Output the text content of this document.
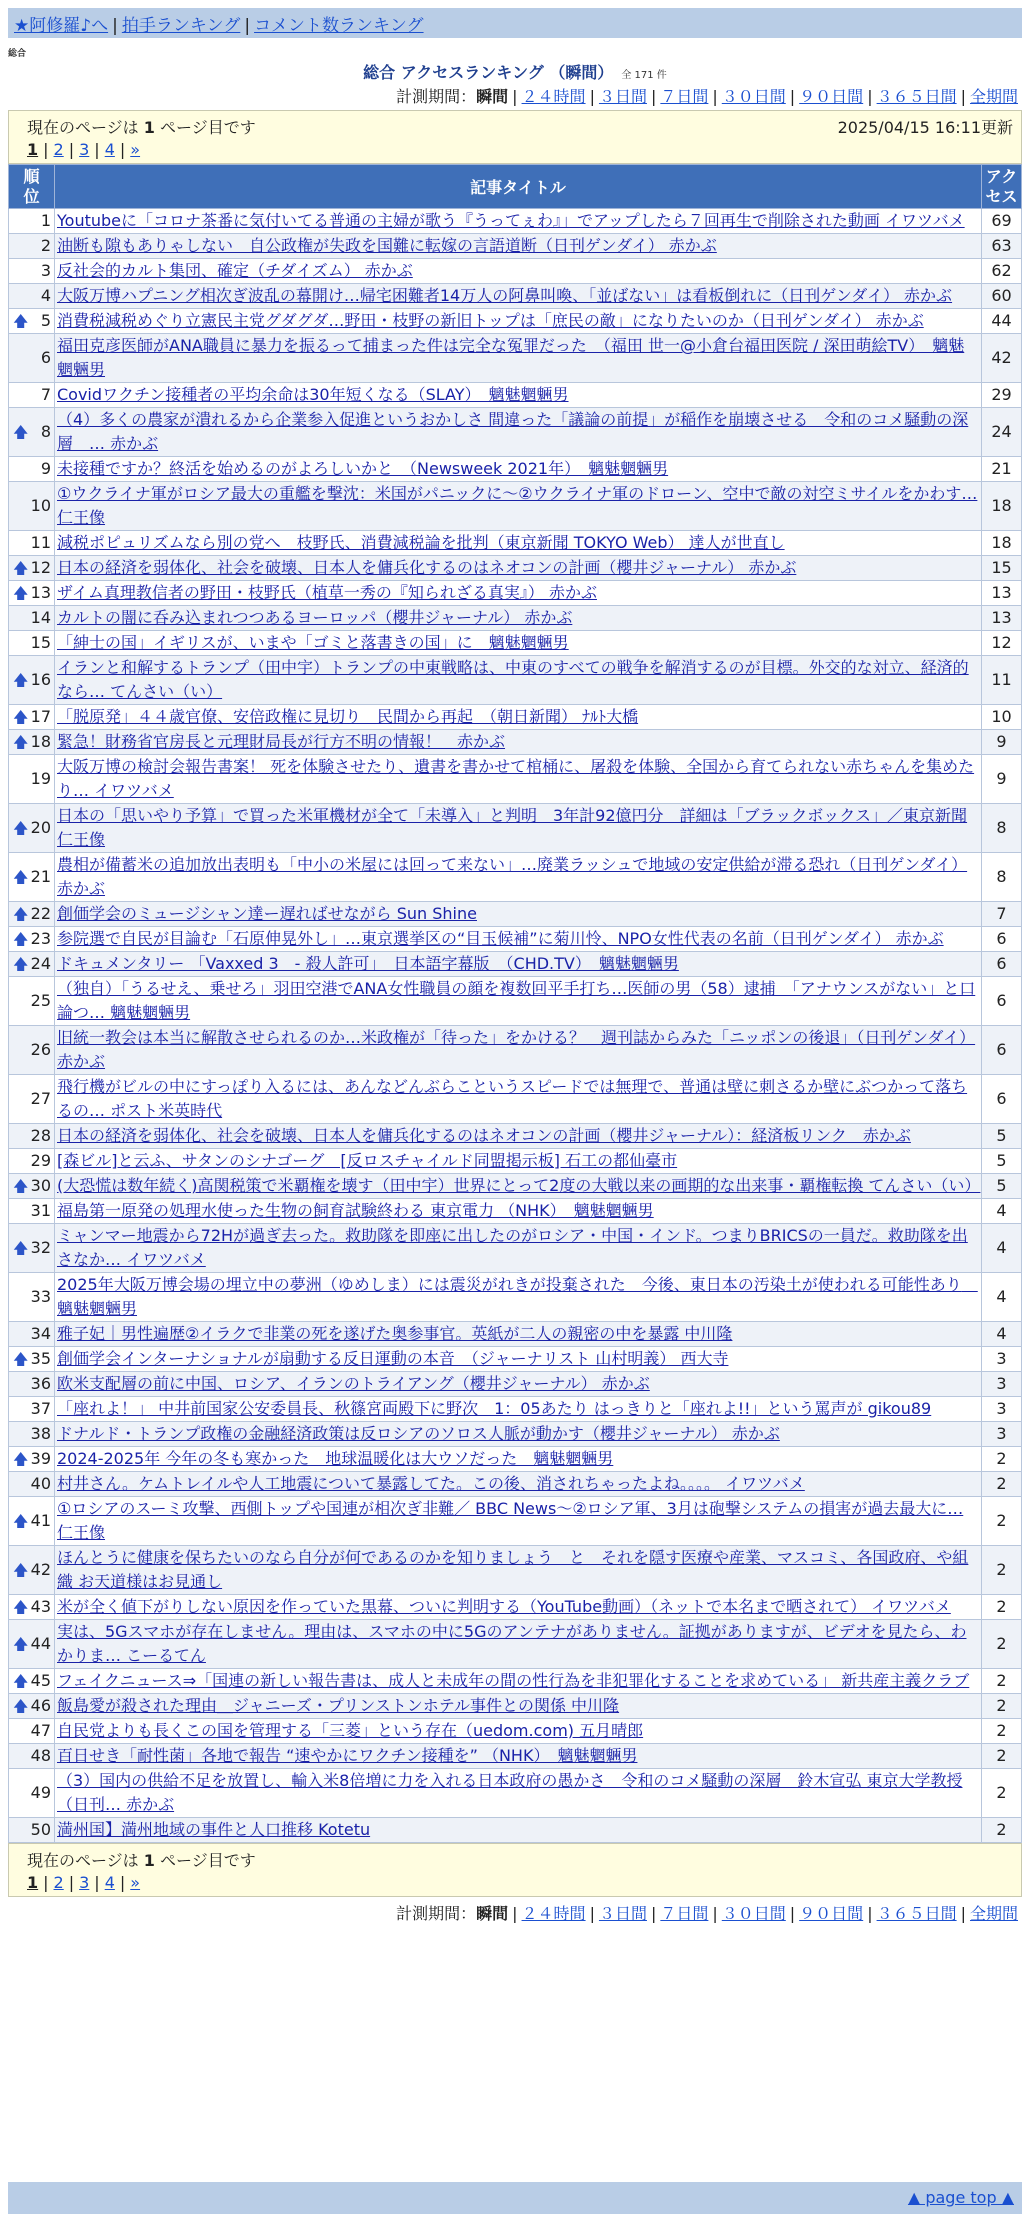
★阿修羅♪へ | 拍手ランキング | コメント数ランキング
総合
総合 アクセスランキング （瞬間） 全 171 件
計測期間：瞬間 | ２４時間 | ３日間 | ７日間 | ３０日間 | ９０日間 | ３６５日間 | 全期間
現在のページは 1 ページ目です	2025/04/15 16:11更新
1 | 2 | 3 | 4 | »
順位	記事タイトル	アクセス
1	Youtubeに「コロナ茶番に気付いてる普通の主婦が歌う『うってぇわ』」でアップしたら７回再生で削除された動画 イワツバメ	69
2	油断も隙もありゃしない　自公政権が失政を国難に転嫁の言語道断（日刊ゲンダイ） 赤かぶ	63
3	反社会的カルト集団、確定（チダイズム） 赤かぶ	62
4	大阪万博ハプニング相次ぎ波乱の幕開け…帰宅困難者14万人の阿鼻叫喚、「並ばない」は看板倒れに（日刊ゲンダイ） 赤かぶ	60

🡅 5	消費税減税めぐり立憲民主党グダグダ…野田・枝野の新旧トップは「庶民の敵」になりたいのか（日刊ゲンダイ） 赤かぶ	44
6	福田克彦医師がANA職員に暴力を振るって捕まった件は完全な冤罪だった　（福田 世一@小倉台福田医院 / 深田萌絵TV）　魑魅魍魎男	42
7	Covidワクチン接種者の平均余命は30年短くなる（SLAY）　魑魅魍魎男	29

🡅 8	（4）多くの農家が潰れるから企業参入促進というおかしさ 間違った「議論の前提」が稲作を崩壊させる　令和のコメ騒動の深層　… 赤かぶ	24
9	未接種ですか？終活を始めるのがよろしいかと　（Newsweek 2021年）　魑魅魍魎男	21
10	①ウクライナ軍がロシア最大の重艦を撃沈：米国がパニックに〜②ウクライナ軍のドローン、空中で敵の対空ミサイルをかわす… 仁王像	18
11	減税ポピュリズムなら別の党へ　枝野氏、消費減税論を批判（東京新聞 TOKYO Web） 達人が世直し	18

🡅 12	日本の経済を弱体化、社会を破壊、日本人を傭兵化するのはネオコンの計画（櫻井ジャーナル） 赤かぶ	15

🡅 13	ザイム真理教信者の野田・枝野氏（植草一秀の『知られざる真実』） 赤かぶ	13
14	カルトの闇に呑み込まれつつあるヨーロッパ（櫻井ジャーナル） 赤かぶ	13
15	「紳士の国」イギリスが、いまや「ゴミと落書きの国」に　魑魅魍魎男	12

🡅 16	イランと和解するトランプ（田中宇）トランプの中東戦略は、中東のすべての戦争を解消するのが目標。外交的な対立、経済的なら… てんさい（い）	11

🡅 17	「脱原発」４４歳官僚、安倍政権に見切り　民間から再起　（朝日新聞） ﾅﾙﾄ大橋	10

🡅 18	緊急！財務省官房長と元理財局長が行方不明の情報！　赤かぶ	9
19	大阪万博の検討会報告書案！ 死を体験させたり、遺書を書かせて棺桶に、屠殺を体験、全国から育てられない赤ちゃんを集めたり… イワツバメ	9

🡅 20	日本の「思いやり予算」で買った米軍機材が全て「未導入」と判明　3年計92億円分　詳細は「ブラックボックス」／東京新聞 仁王像	8

🡅 21	農相が備蓄米の追加放出表明も「中小の米屋には回って来ない」…廃業ラッシュで地域の安定供給が滞る恐れ（日刊ゲンダイ） 赤かぶ	8

🡅 22	創価学会のミュージシャン達ー遅ればせながら Sun Shine	7

🡅 23	参院選で自民が目論む「石原伸晃外し」…東京選挙区の“目玉候補”に菊川怜、NPO女性代表の名前（日刊ゲンダイ） 赤かぶ	6

🡅 24	ドキュメンタリー 「Vaxxed 3　- 殺人許可」　日本語字幕版　（CHD.TV）　魑魅魍魎男	6
25	（独自）「うるせえ、乗せろ」羽田空港でANA女性職員の顔を複数回平手打ち…医師の男（58）逮捕　「アナウンスがない」と口論つ… 魑魅魍魎男	6
26	旧統一教会は本当に解散させられるのか…米政権が「待った」をかける？　週刊誌からみた「ニッポンの後退」（日刊ゲンダイ） 赤かぶ	6
27	飛行機がビルの中にすっぽり入るには、あんなどんぶらこというスピードでは無理で、普通は壁に刺さるか壁にぶつかって落ちるの… ポスト米英時代	6
28	日本の経済を弱体化、社会を破壊、日本人を傭兵化するのはネオコンの計画（櫻井ジャーナル）：経済板リンク　赤かぶ	5
29	[森ビル]と云ふ、サタンのシナゴーグ　[反ロスチャイルド同盟掲示板] 石工の都仙臺市	5

🡅 30	(大恐慌は数年続く)高関税策で米覇権を壊す（田中宇）世界にとって2度の大戦以来の画期的な出来事・覇権転換 てんさい（い）	5
31	福島第一原発の処理水使った生物の飼育試験終わる 東京電力 （NHK）　魑魅魍魎男	4

🡅 32	ミャンマー地震から72Hが過ぎ去った。救助隊を即座に出したのがロシア・中国・インド。つまりBRICSの一員だ。救助隊を出さなか… イワツバメ	4
33	2025年大阪万博会場の埋立中の夢洲（ゆめしま）には震災がれきが投棄された　今後、東日本の汚染土が使われる可能性あり　魑魅魍魎男	4
34	雅子妃｜男性遍歴②イラクで非業の死を遂げた奥参事官。英紙が二人の親密の中を暴露 中川隆	4

🡅 35	創価学会インターナショナルが扇動する反日運動の本音　（ジャーナリスト 山村明義） 西大寺	3
36	欧米支配層の前に中国、ロシア、イランのトライアング（櫻井ジャーナル） 赤かぶ	3
37	「座れよ！」 中井前国家公安委員長、秋篠宮両殿下に野次　1：05あたり はっきりと「座れよ!!」という罵声が gikou89	3
38	ドナルド・トランプ政権の金融経済政策は反ロシアのソロス人脈が動かす（櫻井ジャーナル） 赤かぶ	3

🡅 39	2024-2025年 今年の冬も寒かった　地球温暖化は大ウソだった　魑魅魍魎男	2
40	村井さん。ケムトレイルや人工地震について暴露してた。この後、消されちゃったよね。。。。 イワツバメ	2

🡅 41	①ロシアのスーミ攻撃、西側トップや国連が相次ぎ非難／ BBC News〜②ロシア軍、3月は砲撃システムの損害が過去最大に… 仁王像	2

🡅 42	ほんとうに健康を保ちたいのなら自分が何であるのかを知りましょう　と　それを隠す医療や産業、マスコミ、各国政府、や組織 お天道様はお見通し	2

🡅 43	米が全く値下がりしない原因を作っていた黒幕、ついに判明する（YouTube動画）（ネットで本名まで晒されて） イワツバメ	2

🡅 44	実は、5Gスマホが存在しません。理由は、スマホの中に5Gのアンテナがありません。証拠がありますが、ビデオを見たら、わかりま… こーるてん	2

🡅 45	フェイクニュース⇒「国連の新しい報告書は、成人と未成年の間の性行為を非犯罪化することを求めている」 新共産主義クラブ	2

🡅 46	飯島愛が殺された理由＿ジャニーズ・プリンストンホテル事件との関係 中川隆	2
47	自民党よりも長くこの国を管理する「三菱」という存在（uedom.com) 五月晴郎	2
48	百日せき「耐性菌」各地で報告 “速やかにワクチン接種を” （NHK）　魑魅魍魎男	2
49	（3）国内の供給不足を放置し、輸入米8倍増に力を入れる日本政府の愚かさ　令和のコメ騒動の深層　鈴木宣弘 東京大学教授（日刊… 赤かぶ	2
50	満州国】満州地域の事件と人口推移 Kotetu	2
現在のページは 1 ページ目です
1 | 2 | 3 | 4 | »
計測期間：瞬間 | ２４時間 | ３日間 | ７日間 | ３０日間 | ９０日間 | ３６５日間 | 全期間
▲ page top ▲
